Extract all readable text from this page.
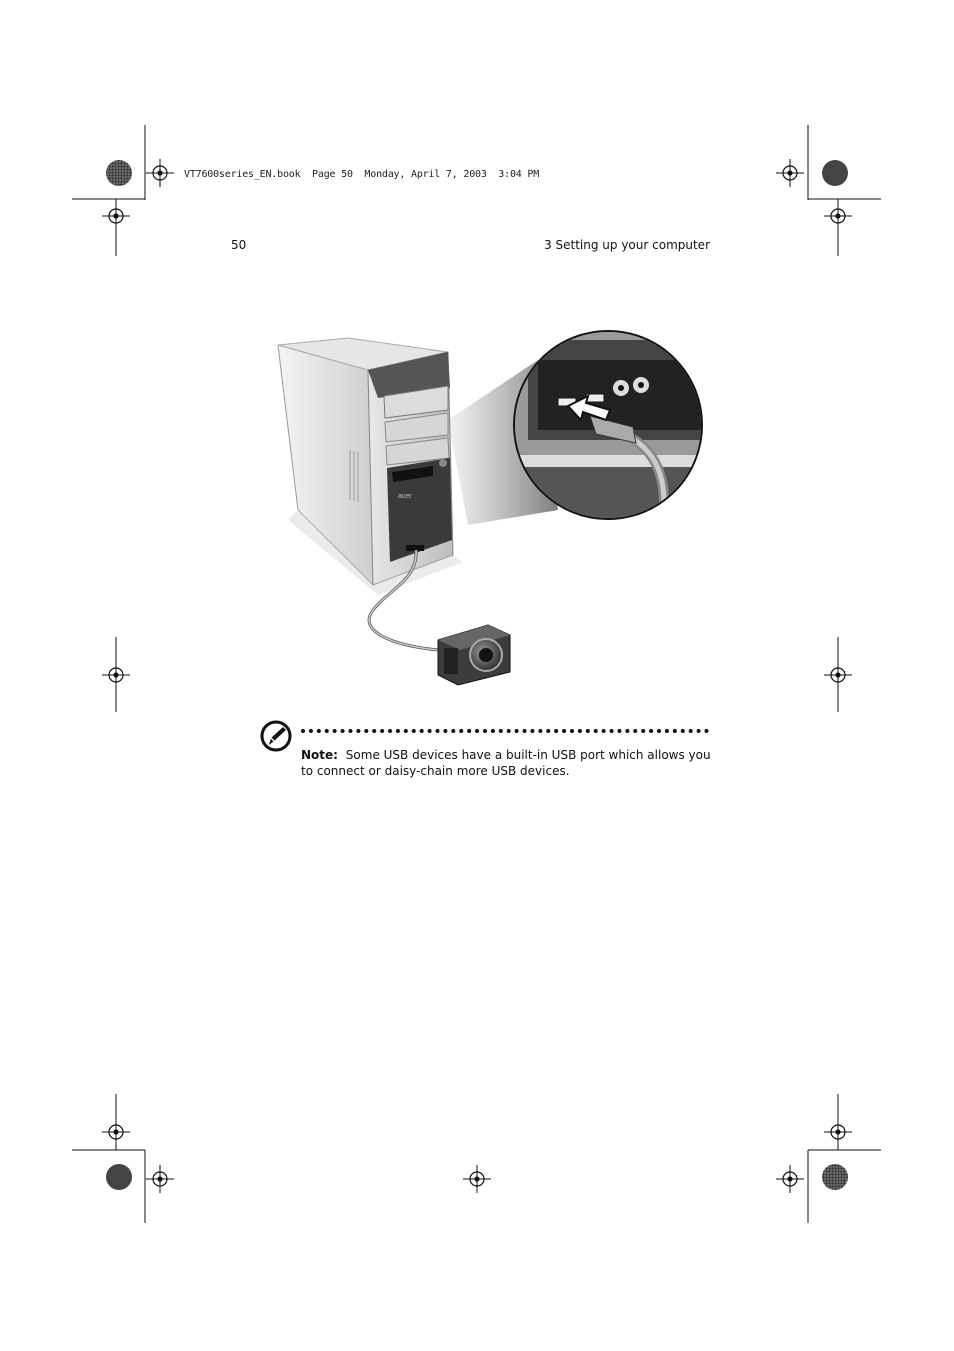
VT7600series_EN.book  Page 50  Monday, April 7, 2003  3:04 PM
50	3 Setting up your computer
acer
Note: Some USB devices have a built-in USB port which allows you to connect or daisy-chain more USB devices.
